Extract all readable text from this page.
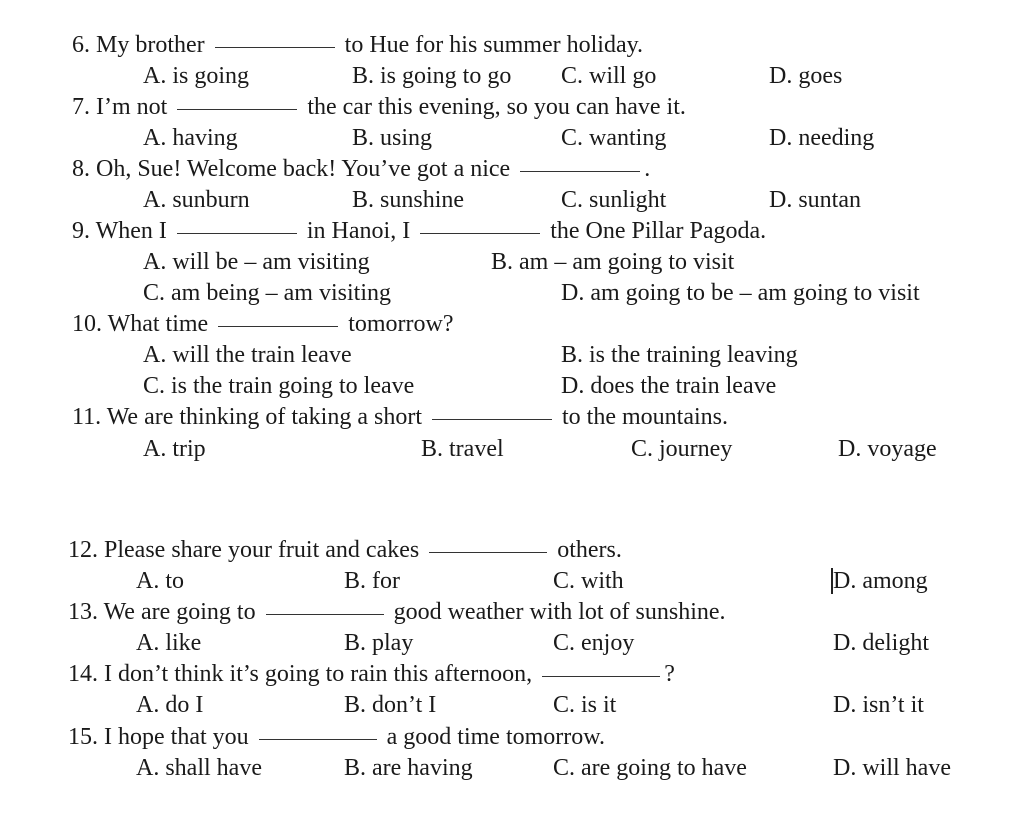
6. My brother	to Hue for his summer holiday.
A. is going	B. is going to go C. will go	D. goes
7. I’m not	the car this evening, so you can have it.
A. having	B. using	C. wanting	D. needing
8. Oh, Sue! Welcome back! You’ve got a nice	.
A. sunburn	B. sunshine	C. sunlight	D. suntan
9. When I	in Hanoi, I	the One Pillar Pagoda.
A. will be – am visiting	B. am – am going to visit
C. am being – am visiting	D. am going to be – am going to visit
10. What time	tomorrow?
A. will the train leave	B. is the training leaving
C. is the train going to leave	D. does the train leave
11. We are thinking of taking a short	to the mountains.
A. trip	B. travel	C. journey	D. voyage
12. Please share your fruit and cakes	others.
A. to	B. for	C. with	D. among
13. We are going to	good weather with lot of sunshine.
A. like	B. play	C. enjoy	D. delight
14. I don’t think it’s going to rain this afternoon,	?
A. do I	B. don’t I	C. is it	D. isn’t it
15. I hope that you	a good time tomorrow.
A. shall have	B. are having	C. are going to have	D. will have
